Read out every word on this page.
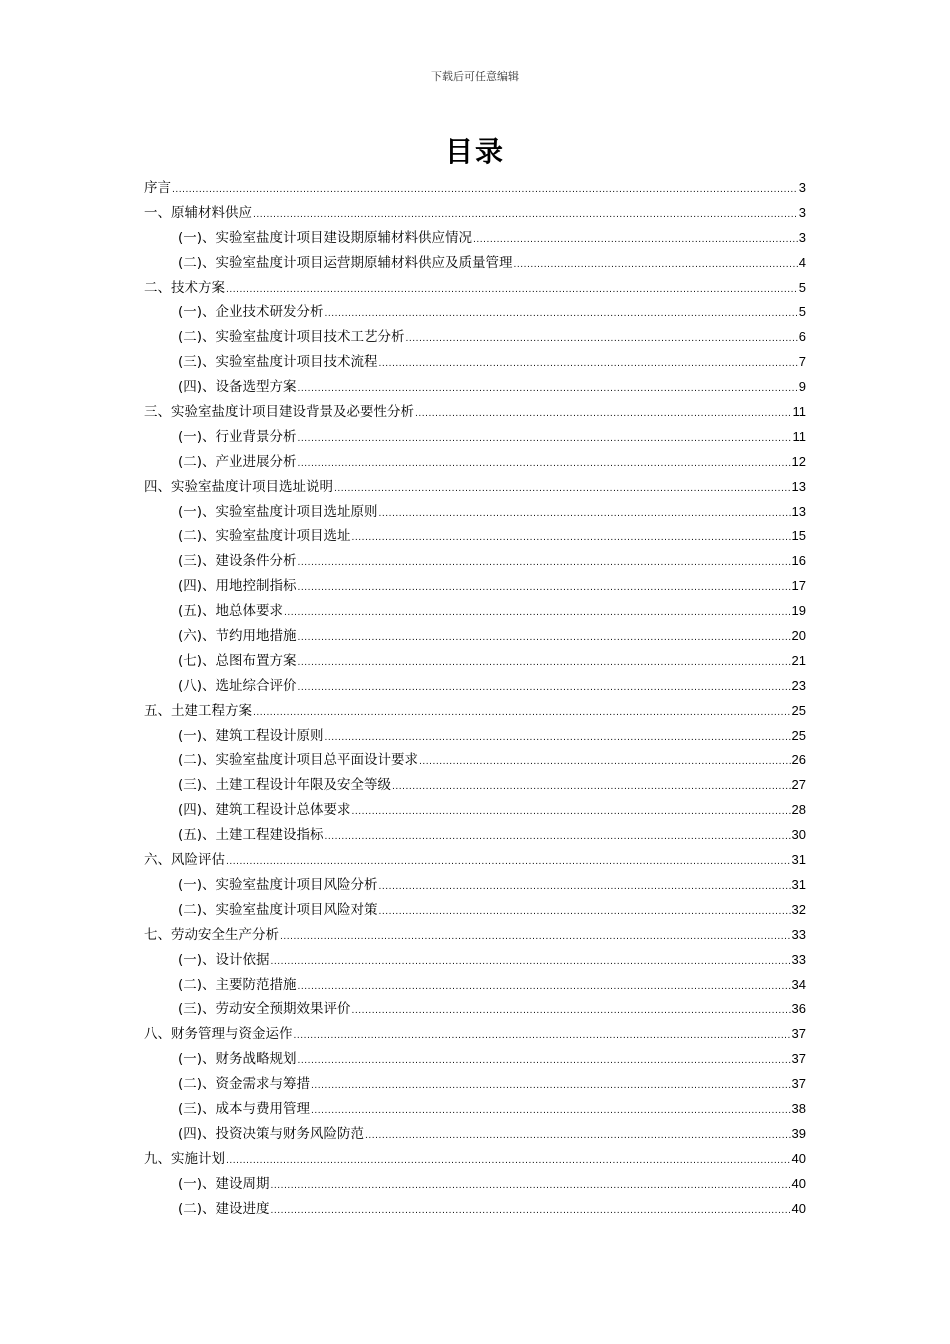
下载后可任意编辑
目录
序言 .....	3
一、原辅材料供应 .....	3
(一)、实验室盐度计项目建设期原辅材料供应情况 .....	3
(二)、实验室盐度计项目运营期原辅材料供应及质量管理 .....	4
二、技术方案 .....	5
(一)、企业技术研发分析 .....	5
(二)、实验室盐度计项目技术工艺分析 .....	6
(三)、实验室盐度计项目技术流程 .....	7
(四)、设备选型方案 .....	9
三、实验室盐度计项目建设背景及必要性分析 .....	11
(一)、行业背景分析 .....	11
(二)、产业进展分析 .....	12
四、实验室盐度计项目选址说明 .....	13
(一)、实验室盐度计项目选址原则 .....	13
(二)、实验室盐度计项目选址 .....	15
(三)、建设条件分析 .....	16
(四)、用地控制指标 .....	17
(五)、地总体要求 .....	19
(六)、节约用地措施 .....	20
(七)、总图布置方案 .....	21
(八)、选址综合评价 .....	23
五、土建工程方案 .....	25
(一)、建筑工程设计原则 .....	25
(二)、实验室盐度计项目总平面设计要求 .....	26
(三)、土建工程设计年限及安全等级 .....	27
(四)、建筑工程设计总体要求 .....	28
(五)、土建工程建设指标 .....	30
六、风险评估 .....	31
(一)、实验室盐度计项目风险分析 .....	31
(二)、实验室盐度计项目风险对策 .....	32
七、劳动安全生产分析 .....	33
(一)、设计依据 .....	33
(二)、主要防范措施 .....	34
(三)、劳动安全预期效果评价 .....	36
八、财务管理与资金运作 .....	37
(一)、财务战略规划 .....	37
(二)、资金需求与筹措 .....	37
(三)、成本与费用管理 .....	38
(四)、投资决策与财务风险防范 .....	39
九、实施计划 .....	40
(一)、建设周期 .....	40
(二)、建设进度 .....	40
